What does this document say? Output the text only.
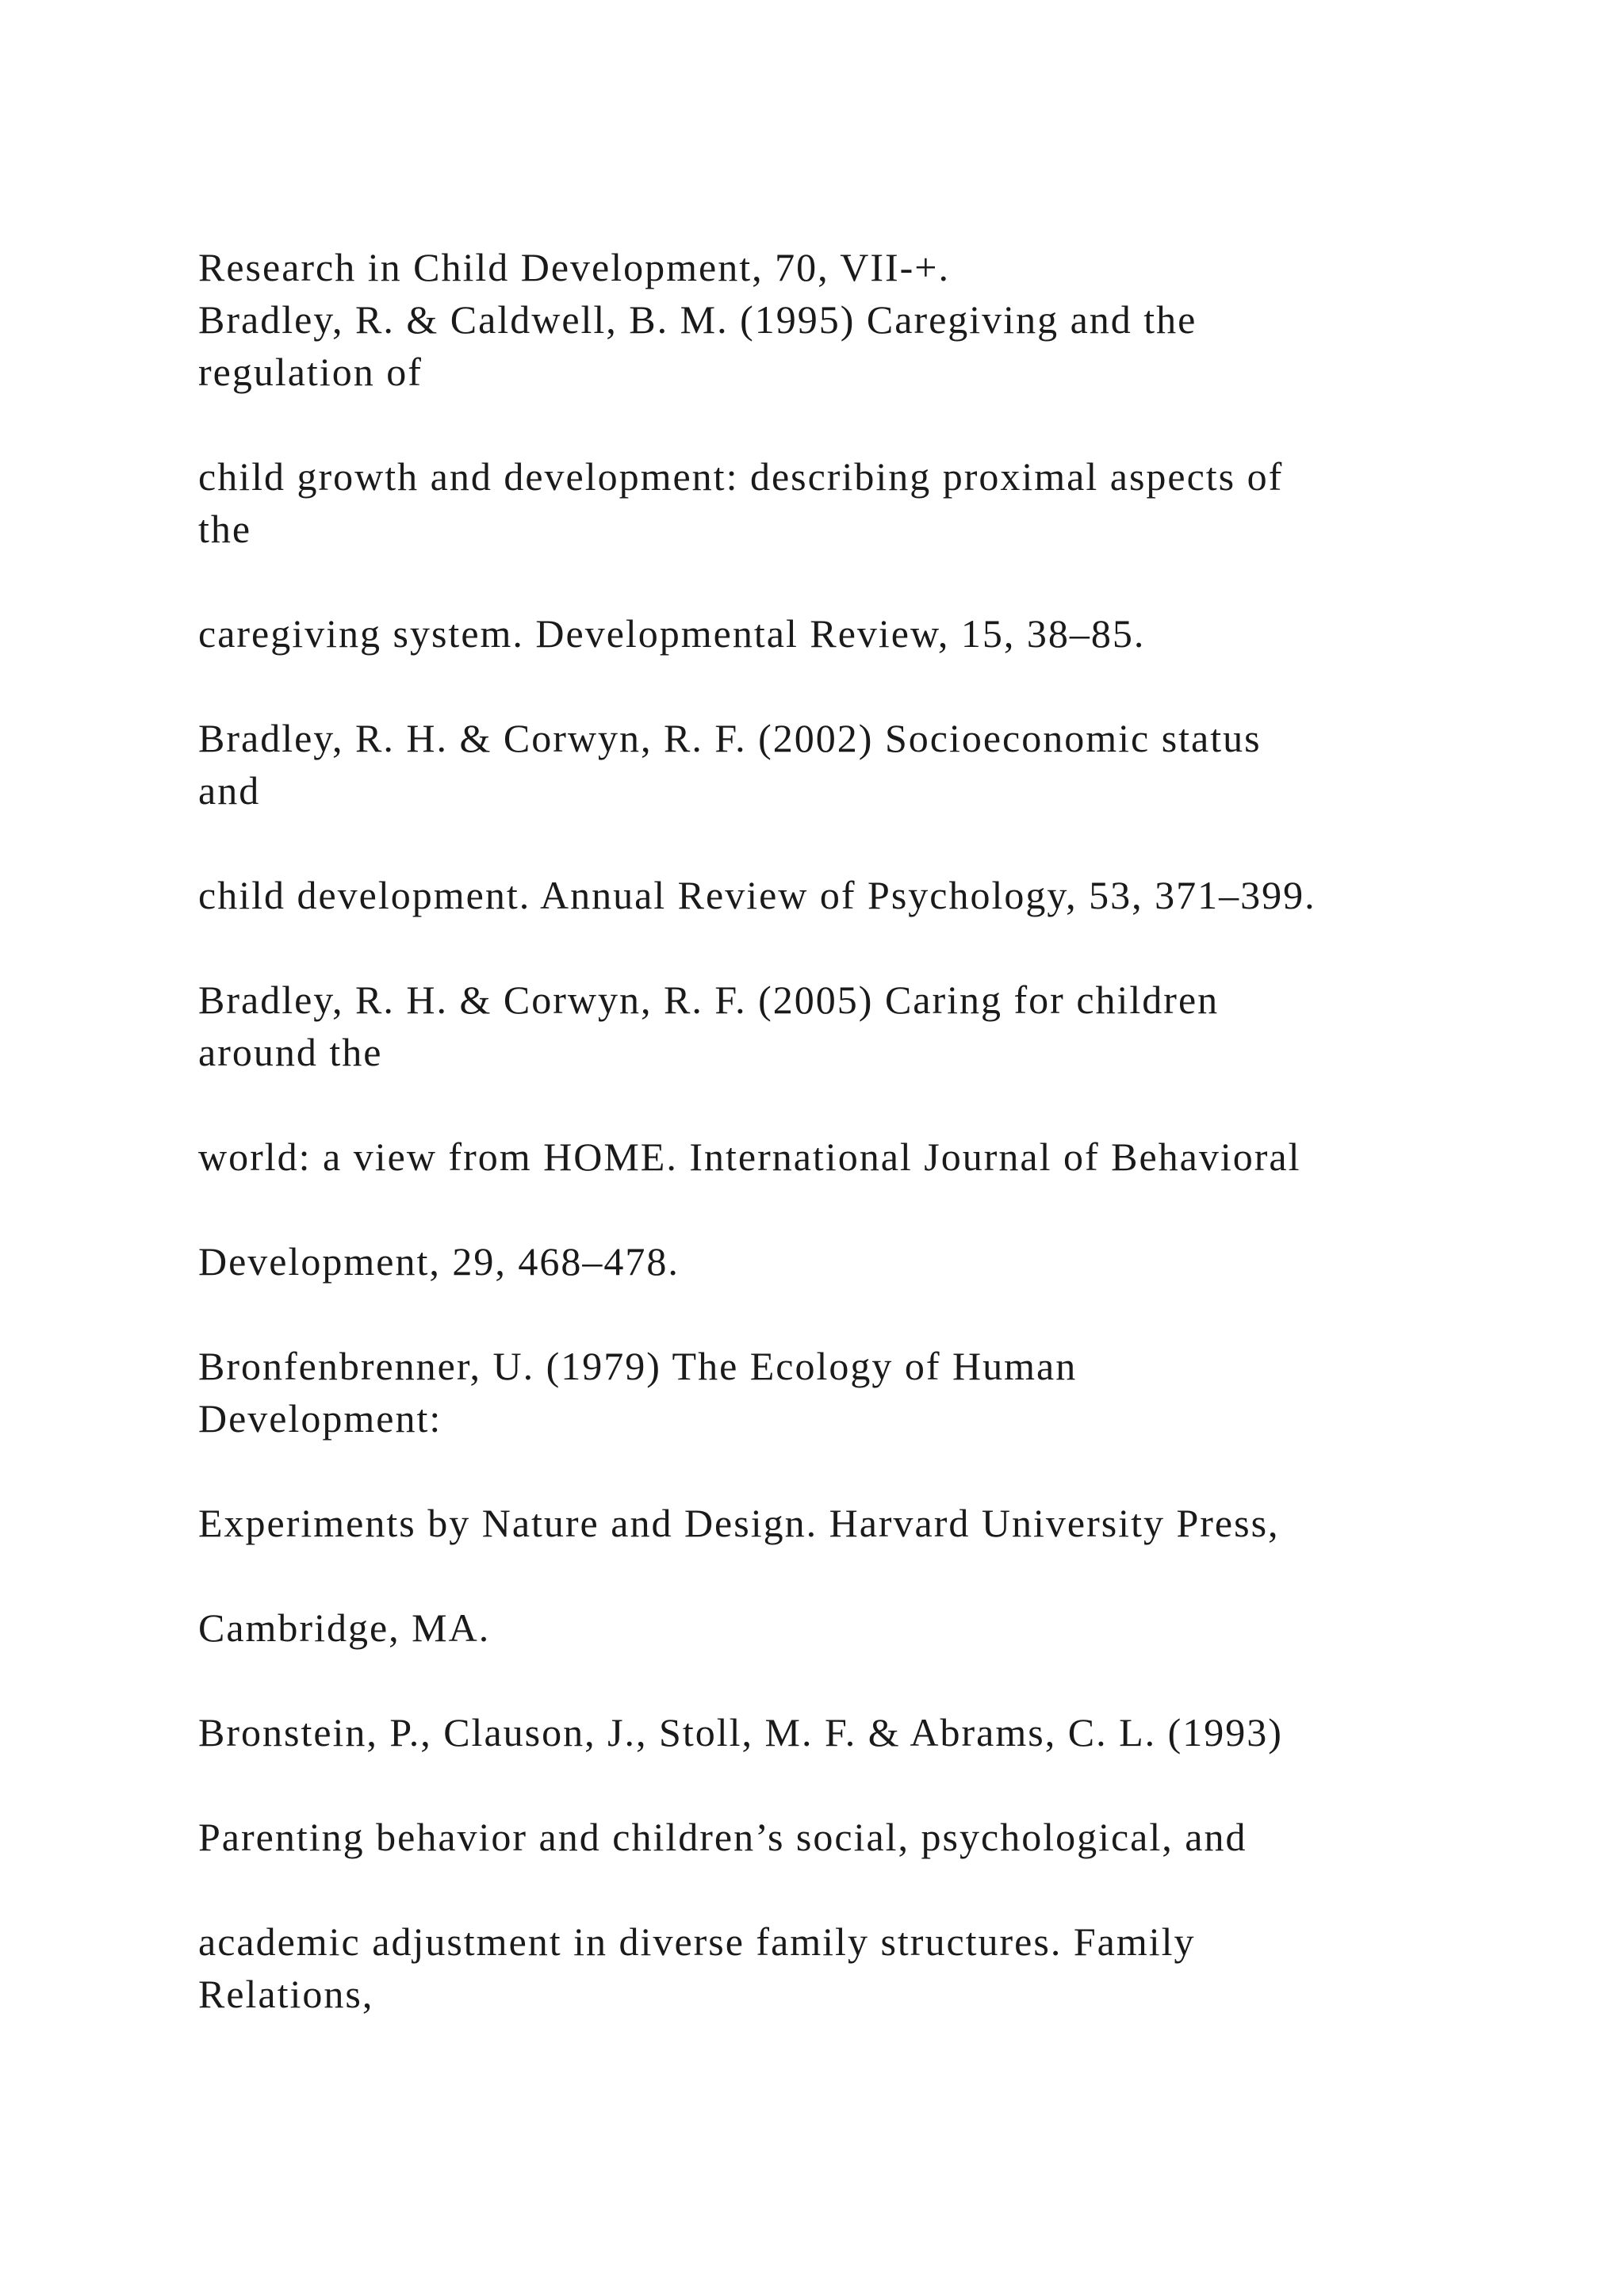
Research in Child Development, 70, VII-+.
Bradley, R. & Caldwell, B. M. (1995) Caregiving and the
regulation of
child growth and development: describing proximal aspects of
the
caregiving system. Developmental Review, 15, 38–85.
Bradley, R. H. & Corwyn, R. F. (2002) Socioeconomic status
and
child development. Annual Review of Psychology, 53, 371–399.
Bradley, R. H. & Corwyn, R. F. (2005) Caring for children
around the
world: a view from HOME. International Journal of Behavioral
Development, 29, 468–478.
Bronfenbrenner, U. (1979) The Ecology of Human
Development:
Experiments by Nature and Design. Harvard University Press,
Cambridge, MA.
Bronstein, P., Clauson, J., Stoll, M. F. & Abrams, C. L. (1993)
Parenting behavior and children’s social, psychological, and
academic adjustment in diverse family structures. Family
Relations,
